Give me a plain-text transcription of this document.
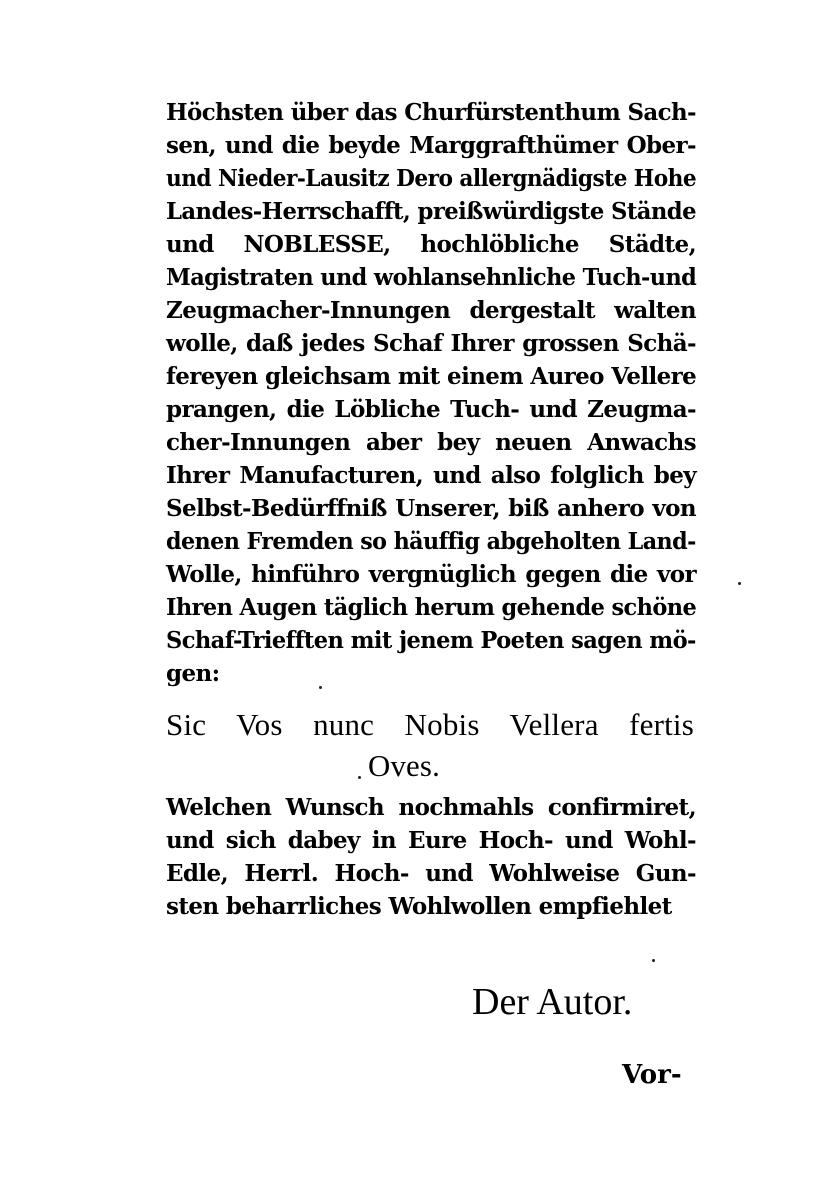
Höchsten über das Churfürstenthum Sach-
sen, und die beyde Marggrafthümer Ober-
und Nieder-Lausitz Dero allergnädigste Hohe
Landes-Herrschafft, preißwürdigste Stände
und NOBLESSE, hochlöbliche Städte,
Magistraten und wohlansehnliche Tuch-und
Zeugmacher-Innungen dergestalt walten
wolle, daß jedes Schaf Ihrer grossen Schä-
fereyen gleichsam mit einem Aureo Vellere
prangen, die Löbliche Tuch- und Zeugma-
cher-Innungen aber bey neuen Anwachs
Ihrer Manufacturen, und also folglich bey
Selbst-Bedürffniß Unserer, biß anhero von
denen Fremden so häuffig abgeholten Land-
Wolle, hinführo vergnüglich gegen die vor
Ihren Augen täglich herum gehende schöne
Schaf-Triefften mit jenem Poeten sagen mö-
gen:
Sic Vos nunc Nobis Vellera fertis
Oves.
Welchen Wunsch nochmahls confirmiret,
und sich dabey in Eure Hoch- und Wohl-
Edle, Herrl. Hoch- und Wohlweise Gun-
sten beharrliches Wohlwollen empfiehlet
Der Autor.
Vor-
